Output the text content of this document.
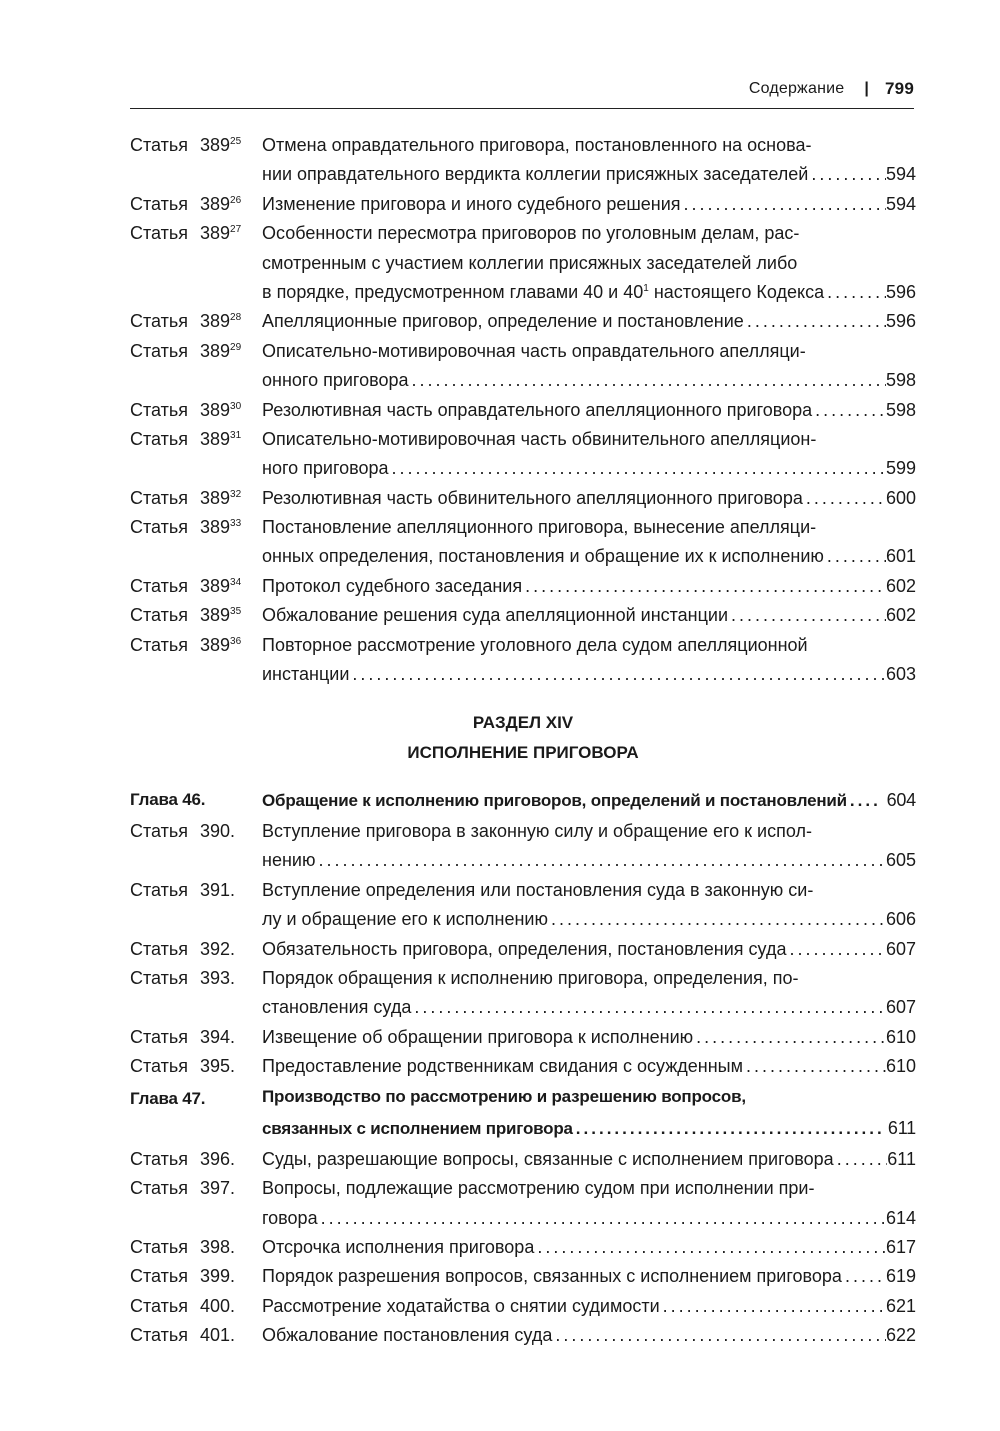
Содержание | 799
Статья $389^{25}$	Отмена оправдательного приговора, постановленного на основа-
нии оправдательного вердикта коллегии присяжных заседателей .....	594
Статья $389^{26}$	Изменение приговора и иного судебного решения .....	594
Статья $389^{27}$	Особенности пересмотра приговоров по уголовным делам, рас-
смотренным с участием коллегии присяжных заседателей либо
в порядке, предусмотренном главами 40 и $40^1$ настоящего Кодекса .....	596
Статья $389^{28}$	Апелляционные приговор, определение и постановление .....	596
Статья $389^{29}$	Описательно-мотивировочная часть оправдательного апелляци-
онного приговора .....	598
Статья $389^{30}$	Резолютивная часть оправдательного апелляционного приговора .....	598
Статья $389^{31}$	Описательно-мотивировочная часть обвинительного апелляцион-
ного приговора .....	599
Статья $389^{32}$	Резолютивная часть обвинительного апелляционного приговора .....	600
Статья $389^{33}$	Постановление апелляционного приговора, вынесение апелляци-
онных определения, постановления и обращение их к исполнению .....	601
Статья $389^{34}$	Протокол судебного заседания .....	602
Статья $389^{35}$	Обжалование решения суда апелляционной инстанции .....	602
Статья $389^{36}$	Повторное рассмотрение уголовного дела судом апелляционной
инстанции .....	603
РАЗДЕЛ XIV
ИСПОЛНЕНИЕ ПРИГОВОРА
Глава 46.	Обращение к исполнению приговоров, определений и постановлений .....	604
Статья 390.	Вступление приговора в законную силу и обращение его к испол-
нению .....	605
Статья 391.	Вступление определения или постановления суда в законную си-
лу и обращение его к исполнению .....	606
Статья 392.	Обязательность приговора, определения, постановления суда .....	607
Статья 393.	Порядок обращения к исполнению приговора, определения, по-
становления суда .....	607
Статья 394.	Извещение об обращении приговора к исполнению .....	610
Статья 395.	Предоставление родственникам свидания с осужденным .....	610
Глава 47.	Производство по рассмотрению и разрешению вопросов,
связанных с исполнением приговора .....	611
Статья 396.	Суды, разрешающие вопросы, связанные с исполнением приговора .....	611
Статья 397.	Вопросы, подлежащие рассмотрению судом при исполнении при-
говора .....	614
Статья 398.	Отсрочка исполнения приговора .....	617
Статья 399.	Порядок разрешения вопросов, связанных с исполнением приговора ..... 619
Статья 400.	Рассмотрение ходатайства о снятии судимости .....	621
Статья 401.	Обжалование постановления суда .....	622
